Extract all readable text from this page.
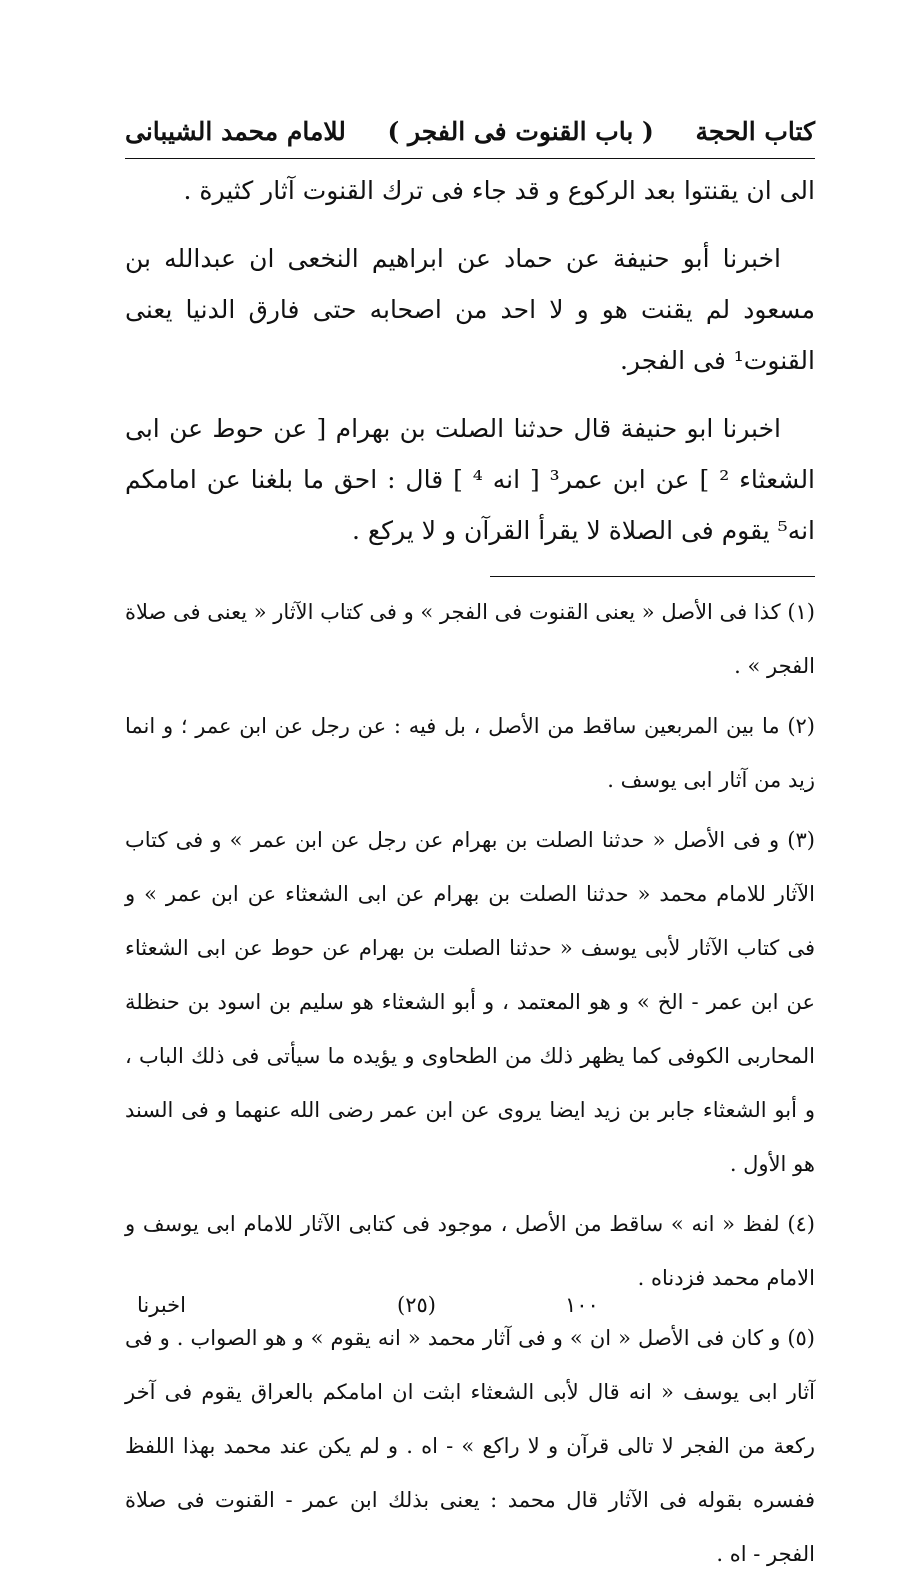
كتاب الحجة
( باب القنوت فى الفجر )
للامام محمد الشيبانى

الى ان يقنتوا بعد الركوع و قد جاء فى ترك القنوت آثار كثيرة .

اخبرنا أبو حنيفة عن حماد عن ابراهيم النخعى ان عبدالله بن مسعود لم يقنت هو و لا احد من اصحابه حتى فارق الدنيا يعنى القنوت¹ فى الفجر.

اخبرنا ابو حنيفة قال حدثنا الصلت بن بهرام [ عن حوط عن ابى الشعثاء ² ] عن ابن عمر³ [ انه ⁴ ] قال : احق ما بلغنا عن امامكم انه⁵ يقوم فى الصلاة لا يقرأ القرآن و لا يركع .

(١) كذا فى الأصل « يعنى القنوت فى الفجر » و فى كتاب الآثار « يعنى فى صلاة الفجر » .

(٢) ما بين المربعين ساقط من الأصل ، بل فيه : عن رجل عن ابن عمر ؛ و انما زيد من آثار ابى يوسف .

(٣) و فى الأصل « حدثنا الصلت بن بهرام عن رجل عن ابن عمر » و فى كتاب الآثار للامام محمد « حدثنا الصلت بن بهرام عن ابى الشعثاء عن ابن عمر » و فى كتاب الآثار لأبى يوسف « حدثنا الصلت بن بهرام عن حوط عن ابى الشعثاء عن ابن عمر - الخ » و هو المعتمد ، و أبو الشعثاء هو سليم بن اسود بن حنظلة المحاربى الكوفى كما يظهر ذلك من الطحاوى و يؤيده ما سيأتى فى ذلك الباب ، و أبو الشعثاء جابر بن زيد ايضا يروى عن ابن عمر رضى الله عنهما و فى السند هو الأول .

(٤) لفظ « انه » ساقط من الأصل ، موجود فى كتابى الآثار للامام ابى يوسف و الامام محمد فزدناه .

(٥) و كان فى الأصل « ان » و فى آثار محمد « انه يقوم » و هو الصواب . و فى آثار ابى يوسف « انه قال لأبى الشعثاء ابثت ان امامكم بالعراق يقوم فى آخر ركعة من الفجر لا تالى قرآن و لا راكع » - اه . و لم يكن عند محمد بهذا اللفظ ففسره بقوله فى الآثار قال محمد : يعنى بذلك ابن عمر - القنوت فى صلاة الفجر - اه .

١٠٠
(٢٥)
اخبرنا
